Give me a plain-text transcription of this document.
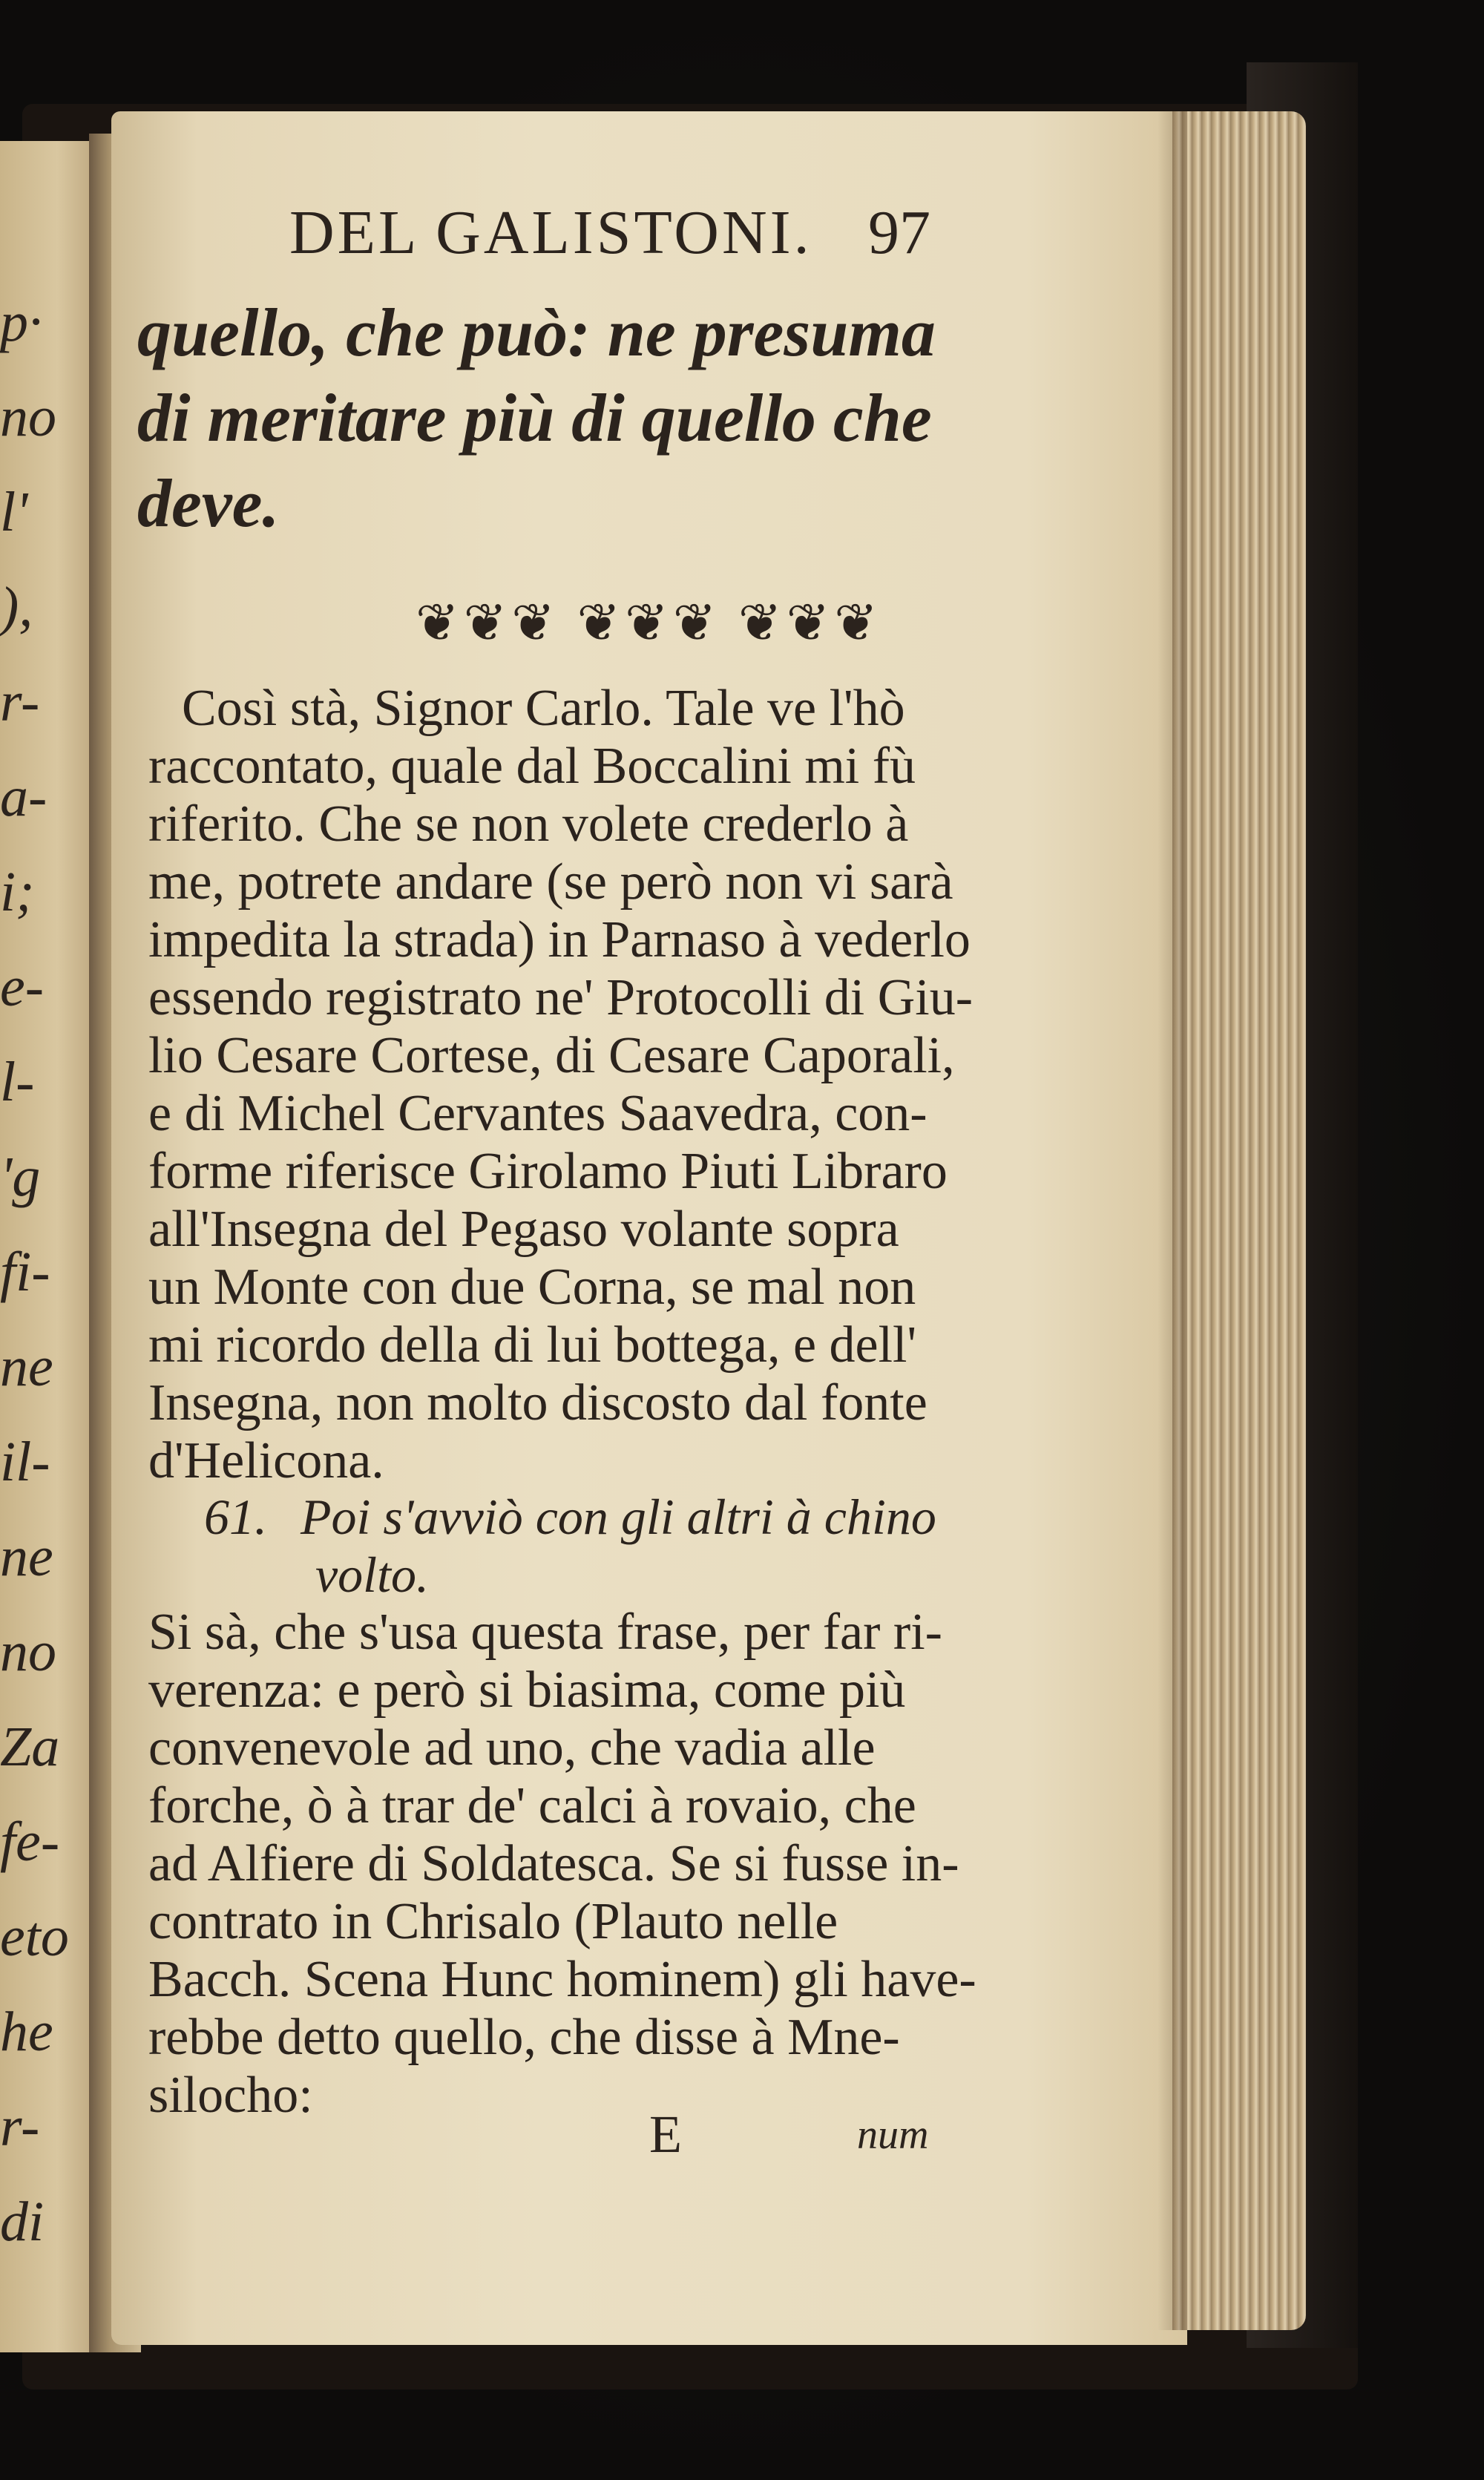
p·
no
l'
),
r-
a-
i;
e-
l-
'g
fi-
ne
il-
ne
no
Za
fe-
eto
he
r-
di
DEL GALISTONI. 97
quello, che può: ne presuma
di meritare più di quello che
deve.
❦❦❦ ❦❦❦ ❦❦❦
Così stà, Signor Carlo. Tale ve l'hò
raccontato, quale dal Boccalini mi fù
riferito. Che se non volete crederlo à
me, potrete andare (se però non vi sarà
impedita la strada) in Parnaso à vederlo
essendo registrato ne' Protocolli di Giu-
lio Cesare Cortese, di Cesare Caporali,
e di Michel Cervantes Saavedra, con-
forme riferisce Girolamo Piuti Libraro
all'Insegna del Pegaso volante sopra
un Monte con due Corna, se mal non
mi ricordo della di lui bottega, e dell'
Insegna, non molto discosto dal fonte
d'Helicona.
61. Poi s'avviò con gli altri à chino
volto.
Si sà, che s'usa questa frase, per far ri-
verenza: e però si biasima, come più
convenevole ad uno, che vadia alle
forche, ò à trar de' calci à rovaio, che
ad Alfiere di Soldatesca. Se si fusse in-
contrato in Chrisalo (Plauto nelle
Bacch. Scena Hunc hominem) gli have-
rebbe detto quello, che disse à Mne-
silocho:
E	num
